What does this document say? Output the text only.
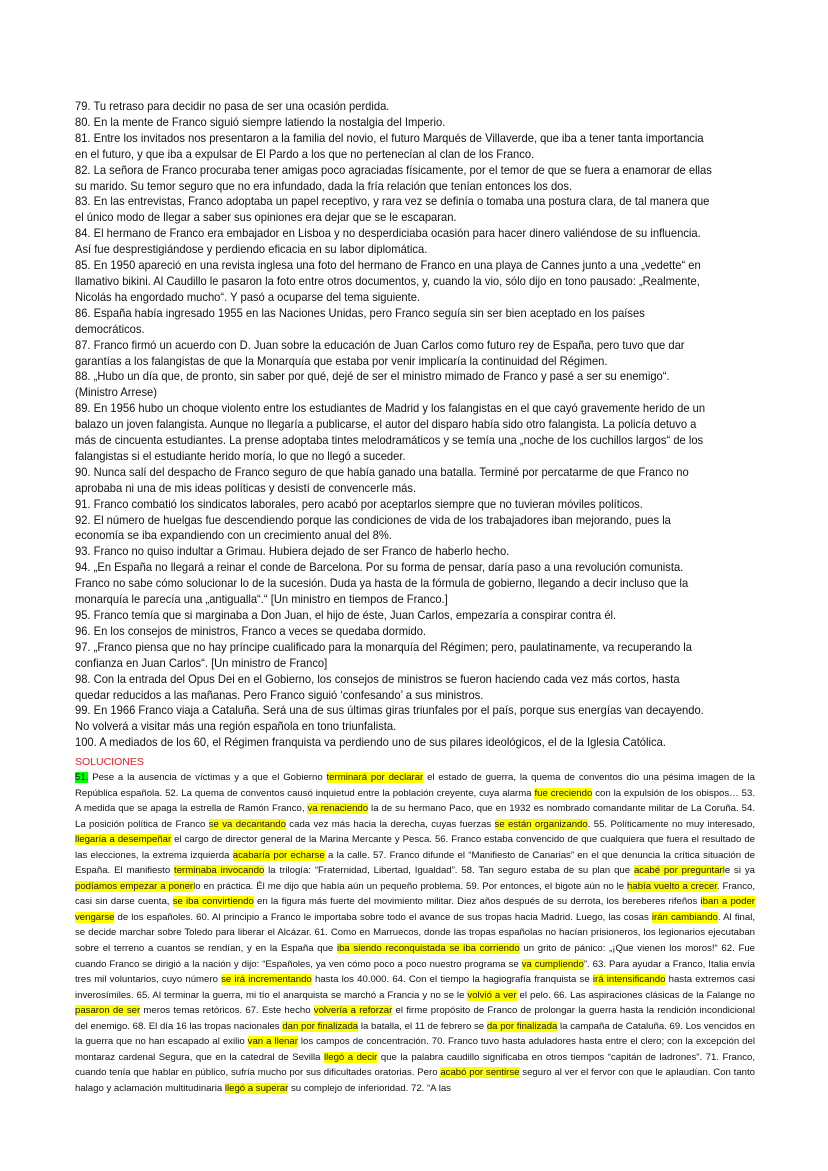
79. Tu retraso para decidir no pasa de ser una ocasión perdida.

80. En la mente de Franco siguió siempre latiendo la nostalgia del Imperio.

81. Entre los invitados nos presentaron a la familia del novio, el futuro Marqués de Villaverde, que iba a tener tanta importancia en el futuro, y que iba a expulsar de El Pardo a los que no pertenecían al clan de los Franco.

82. La señora de Franco procuraba tener amigas poco agraciadas físicamente, por el temor de que se fuera a enamorar de ellas su marido. Su temor seguro que no era infundado, dada la fría relación que tenían entonces los dos.

83. En las entrevistas, Franco adoptaba un papel receptivo, y rara vez se definía o tomaba una postura clara, de tal manera que el único modo de llegar a saber sus opiniones era dejar que se le escaparan.

84. El hermano de Franco era embajador en Lisboa y no desperdiciaba ocasión para hacer dinero valiéndose de su influencia. Así fue desprestigiándose y perdiendo eficacia en su labor diplomática.

85. En 1950 apareció en una revista inglesa una foto del hermano de Franco en una playa de Cannes junto a una „vedette“ en llamativo bikini. Al Caudillo le pasaron la foto entre otros documentos, y, cuando la vio, sólo dijo en tono pausado: „Realmente, Nicolás ha engordado mucho“. Y pasó a ocuparse del tema siguiente.

86. España había ingresado 1955 en las Naciones Unidas, pero Franco seguía sin ser bien aceptado en los países democráticos.

87. Franco firmó un acuerdo con D. Juan sobre la educación de Juan Carlos como futuro rey de España, pero tuvo que dar garantías a los falangistas de que la Monarquía que estaba por venir implicaría la continuidad del Régimen.

88. „Hubo un día que, de pronto, sin saber por qué, dejé de ser el ministro mimado de Franco y pasé a ser su enemigo“. (Ministro Arrese)

89. En 1956 hubo un choque violento entre los estudiantes de Madrid y los falangistas en el que cayó gravemente herido de un balazo un joven falangista. Aunque no llegaría a publicarse, el autor del disparo había sido otro falangista. La policía detuvo a más de cincuenta estudiantes. La prense adoptaba tintes melodramáticos y se temía una „noche de los cuchillos largos“ de los falangistas si el estudiante herido moría, lo que no llegó a suceder.

90. Nunca salí del despacho de Franco seguro de que había ganado una batalla. Terminé por percatarme de que Franco no aprobaba ni una de mis ideas políticas y desistí de convencerle más.

91. Franco combatió los sindicatos laborales, pero acabó por aceptarlos siempre que no tuvieran móviles políticos.

92. El número de huelgas fue descendiendo porque las condiciones de vida de los trabajadores iban mejorando, pues la economía se iba expandiendo con un crecimiento anual del 8%.

93. Franco no quiso indultar a Grimau. Hubiera dejado de ser Franco de haberlo hecho.

94. „En España no llegará a reinar el conde de Barcelona. Por su forma de pensar, daría paso a una revolución comunista. Franco no sabe cómo solucionar lo de la sucesión. Duda ya hasta de la fórmula de gobierno, llegando a decir incluso que la monarquía le parecía una „antigualla“.“ [Un ministro en tiempos de Franco.]

95. Franco temía que si marginaba a Don Juan, el hijo de éste, Juan Carlos, empezaría a conspirar contra él.

96. En los consejos de ministros, Franco a veces se quedaba dormido.

97. „Franco piensa que no hay príncipe cualificado para la monarquía del Régimen; pero, paulatinamente, va recuperando la confianza en Juan Carlos“. [Un ministro de Franco]

98. Con la entrada del Opus Dei en el Gobierno, los consejos de ministros se fueron haciendo cada vez más cortos, hasta quedar reducidos a las mañanas. Pero Franco siguió ‘confesando’ a sus ministros.

99. En 1966 Franco viaja a Cataluña. Será una de sus últimas giras triunfales por el país, porque sus energías van decayendo. No volverá a visitar más una región española en tono triunfalista.

100. A mediados de los 60, el Régimen franquista va perdiendo uno de sus pilares ideológicos, el de la Iglesia Católica.

SOLUCIONES

51. Pese a la ausencia de víctimas y a que el Gobierno terminará por declarar el estado de guerra, la quema de conventos dio una pésima imagen de la República española. 52. La quema de conventos causó inquietud entre la población creyente, cuya alarma fue creciendo con la expulsión de los obispos… 53. A medida que se apaga la estrella de Ramón Franco, va renaciendo la de su hermano Paco, que en 1932 es nombrado comandante militar de La Coruña. 54. La posición política de Franco se va decantando cada vez más hacia la derecha, cuyas fuerzas se están organizando. 55. Políticamente no muy interesado, llegaría a desempeñar el cargo de director general de la Marina Mercante y Pesca. 56. Franco estaba convencido de que cualquiera que fuera el resultado de las elecciones, la extrema izquierda acabaría por echarse a la calle. 57. Franco difunde el “Manifiesto de Canarias” en el que denuncia la crítica situación de España. El manifiesto terminaba invocando la trilogía: “Fraternidad, Libertad, Igualdad”. 58. Tan seguro estaba de su plan que acabé por preguntarle si ya podíamos empezar a ponerlo en práctica. Él me dijo que había aún un pequeño problema. 59. Por entonces, el bigote aún no le había vuelto a crecer. Franco, casi sin darse cuenta, se iba convirtiendo en la figura más fuerte del movimiento militar. Diez años después de su derrota, los bereberes rifeños iban a poder vengarse de los españoles. 60. Al principio a Franco le importaba sobre todo el avance de sus tropas hacia Madrid. Luego, las cosas irán cambiando. Al final, se decide marchar sobre Toledo para liberar el Alcázar. 61. Como en Marruecos, donde las tropas españolas no hacían prisioneros, los legionarios ejecutaban sobre el terreno a cuantos se rendían, y en la España que iba siendo reconquistada se iba corriendo un grito de pánico: „¡Que vienen los moros!“ 62. Fue cuando Franco se dirigió a la nación y dijo: “Españoles, ya ven cómo poco a poco nuestro programa se va cumpliendo”. 63. Para ayudar a Franco, Italia envía tres mil voluntarios, cuyo número se irá incrementando hasta los 40.000. 64. Con el tiempo la hagiografía franquista se irá intensificando hasta extremos casi inverosímiles. 65. Al terminar la guerra, mi tío el anarquista se marchó a Francia y no se le volvió a ver el pelo. 66. Las aspiraciones clásicas de la Falange no pasaron de ser meros temas retóricos. 67. Este hecho volvería a reforzar el firme propósito de Franco de prolongar la guerra hasta la rendición incondicional del enemigo. 68. El día 16 las tropas nacionales dan por finalizada la batalla, el 11 de febrero se da por finalizada la campaña de Cataluña. 69. Los vencidos en la guerra que no han escapado al exilio van a llenar los campos de concentración. 70. Franco tuvo hasta aduladores hasta entre el clero; con la excepción del montaraz cardenal Segura, que en la catedral de Sevilla llegó a decir que la palabra caudillo significaba en otros tiempos “capitán de ladrones”. 71. Franco, cuando tenía que hablar en público, sufría mucho por sus dificultades oratorias. Pero acabó por sentirse seguro al ver el fervor con que le aplaudían. Con tanto halago y aclamación multitudinaria llegó a superar su complejo de inferioridad. 72. “A las
